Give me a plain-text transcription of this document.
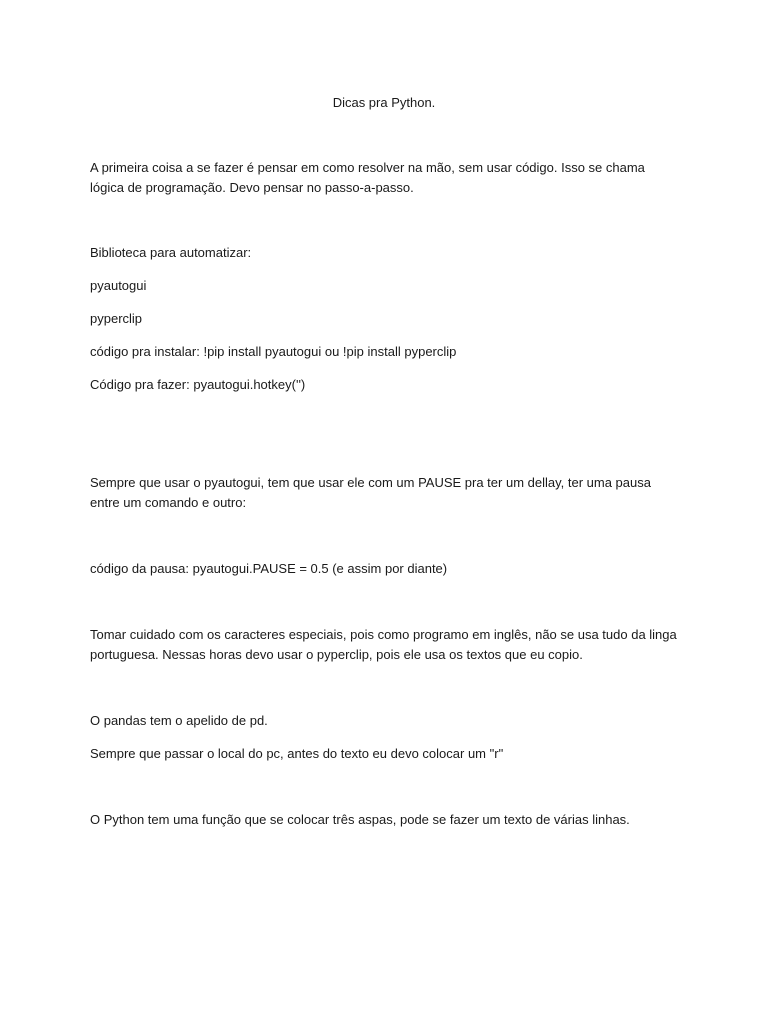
Dicas pra Python.

A primeira coisa a se fazer é pensar em como resolver na mão, sem usar código. Isso se chama lógica de programação. Devo pensar no passo-a-passo.

Biblioteca para automatizar:

pyautogui

pyperclip

código pra instalar: !pip install pyautogui ou !pip install pyperclip

Código pra fazer: pyautogui.hotkey('')

Sempre que usar o pyautogui, tem que usar ele com um PAUSE pra ter um dellay, ter uma pausa entre um comando e outro:

código da pausa: pyautogui.PAUSE = 0.5 (e assim por diante)

Tomar cuidado com os caracteres especiais, pois como programo em inglês, não se usa tudo da linga portuguesa. Nessas horas devo usar o pyperclip, pois ele usa os textos que eu copio.

O pandas tem o apelido de pd.

Sempre que passar o local do pc, antes do texto eu devo colocar um "r"

O Python tem uma função que se colocar três aspas, pode se fazer um texto de várias linhas.
